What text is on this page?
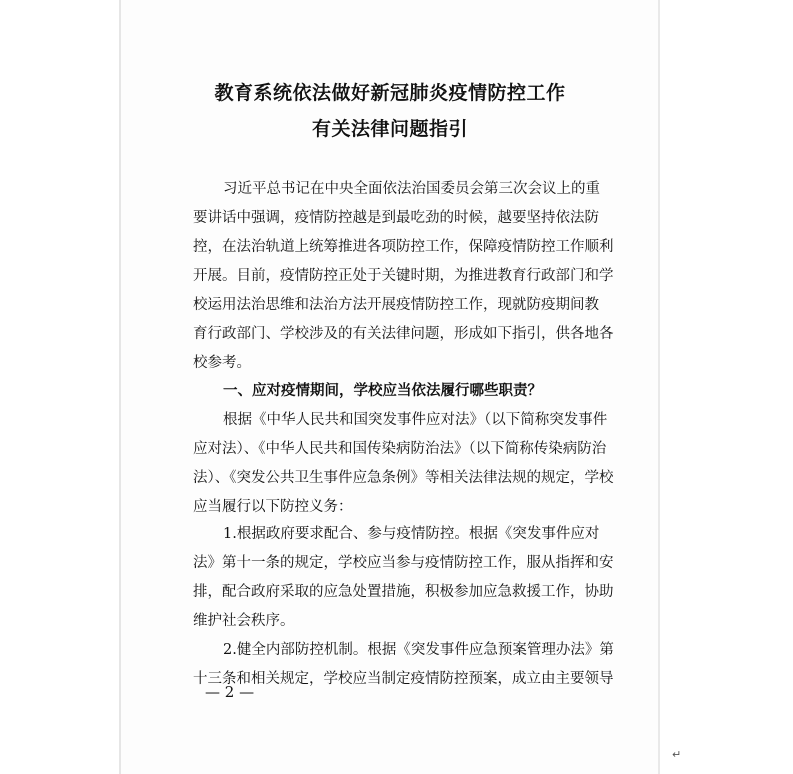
教育系统依法做好新冠肺炎疫情防控工作
有关法律问题指引

习近平总书记在中央全面依法治国委员会第三次会议上的重

要讲话中强调，疫情防控越是到最吃劲的时候，越要坚持依法防

控，在法治轨道上统筹推进各项防控工作，保障疫情防控工作顺利

开展。目前，疫情防控正处于关键时期，为推进教育行政部门和学

校运用法治思维和法治方法开展疫情防控工作，现就防疫期间教

育行政部门、学校涉及的有关法律问题，形成如下指引，供各地各

校参考。

一、应对疫情期间，学校应当依法履行哪些职责？

根据《中华人民共和国突发事件应对法》（以下简称突发事件

应对法）、《中华人民共和国传染病防治法》（以下简称传染病防治

法）、《突发公共卫生事件应急条例》等相关法律法规的规定，学校

应当履行以下防控义务：

1.根据政府要求配合、参与疫情防控。根据《突发事件应对

法》第十一条的规定，学校应当参与疫情防控工作，服从指挥和安

排，配合政府采取的应急处置措施，积极参加应急救援工作，协助

维护社会秩序。

2.健全内部防控机制。根据《突发事件应急预案管理办法》第

十三条和相关规定，学校应当制定疫情防控预案，成立由主要领导

— 2 —

↵
